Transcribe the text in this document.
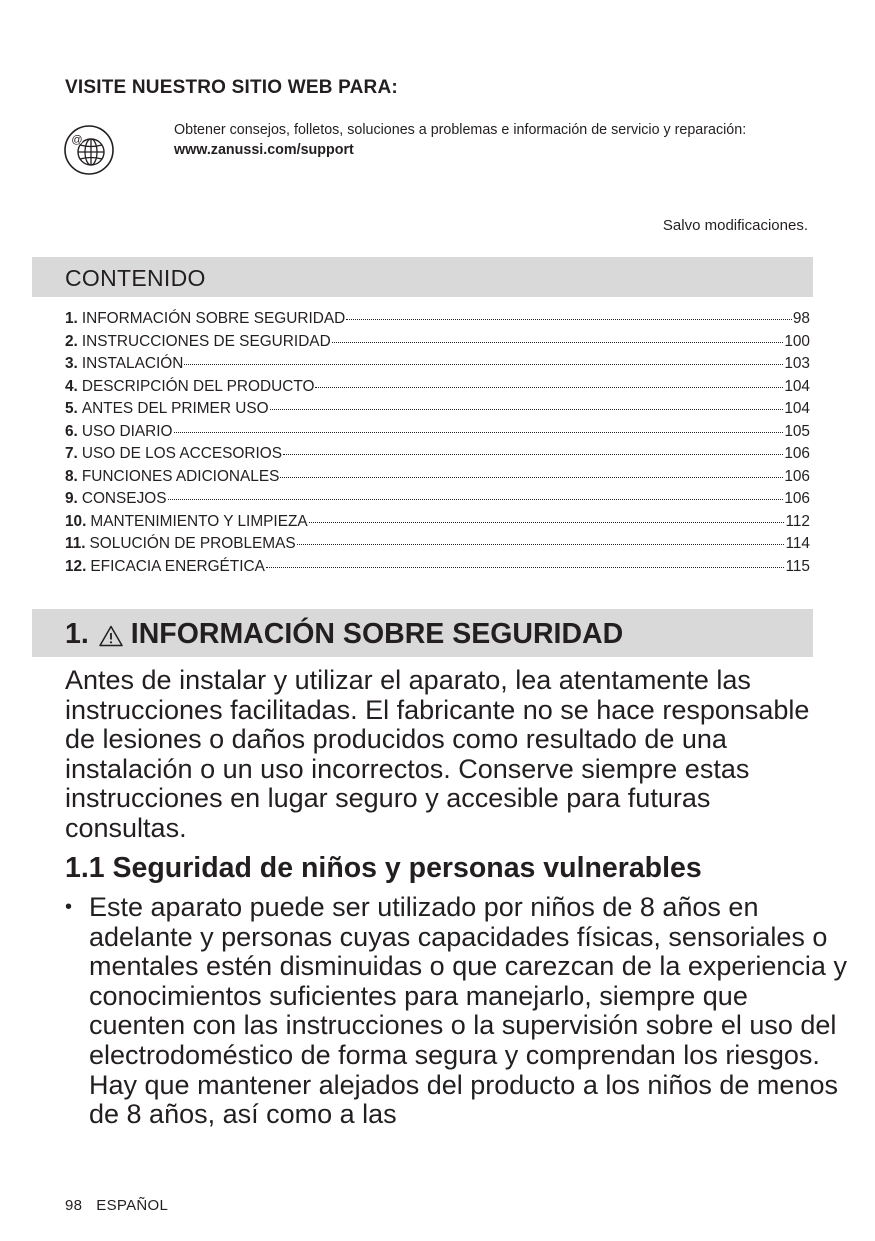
VISITE NUESTRO SITIO WEB PARA:
@
Obtener consejos, folletos, soluciones a problemas e información de servicio y reparación:
www.zanussi.com/support
Salvo modificaciones.
CONTENIDO
1. INFORMACIÓN SOBRE SEGURIDAD	98
2. INSTRUCCIONES DE SEGURIDAD	100
3. INSTALACIÓN	103
4. DESCRIPCIÓN DEL PRODUCTO	104
5. ANTES DEL PRIMER USO	104
6. USO DIARIO	105
7. USO DE LOS ACCESORIOS	106
8. FUNCIONES ADICIONALES	106
9. CONSEJOS	106
10. MANTENIMIENTO Y LIMPIEZA	112
11. SOLUCIÓN DE PROBLEMAS	114
12. EFICACIA ENERGÉTICA	115
1. INFORMACIÓN SOBRE SEGURIDAD

Antes de instalar y utilizar el aparato, lea atentamente las instrucciones facilitadas. El fabricante no se hace responsable de lesiones o daños producidos como resultado de una instalación o un uso incorrectos. Conserve siempre estas instrucciones en lugar seguro y accesible para futuras consultas.

1.1 Seguridad de niños y personas vulnerables
• Este aparato puede ser utilizado por niños de 8 años en adelante y personas cuyas capacidades físicas, sensoriales o mentales estén disminuidas o que carezcan de la experiencia y conocimientos suficientes para manejarlo, siempre que cuenten con las instrucciones o la supervisión sobre el uso del electrodoméstico de forma segura y comprendan los riesgos. Hay que mantener alejados del producto a los niños de menos de 8 años, así como a las
98 ESPAÑOL
